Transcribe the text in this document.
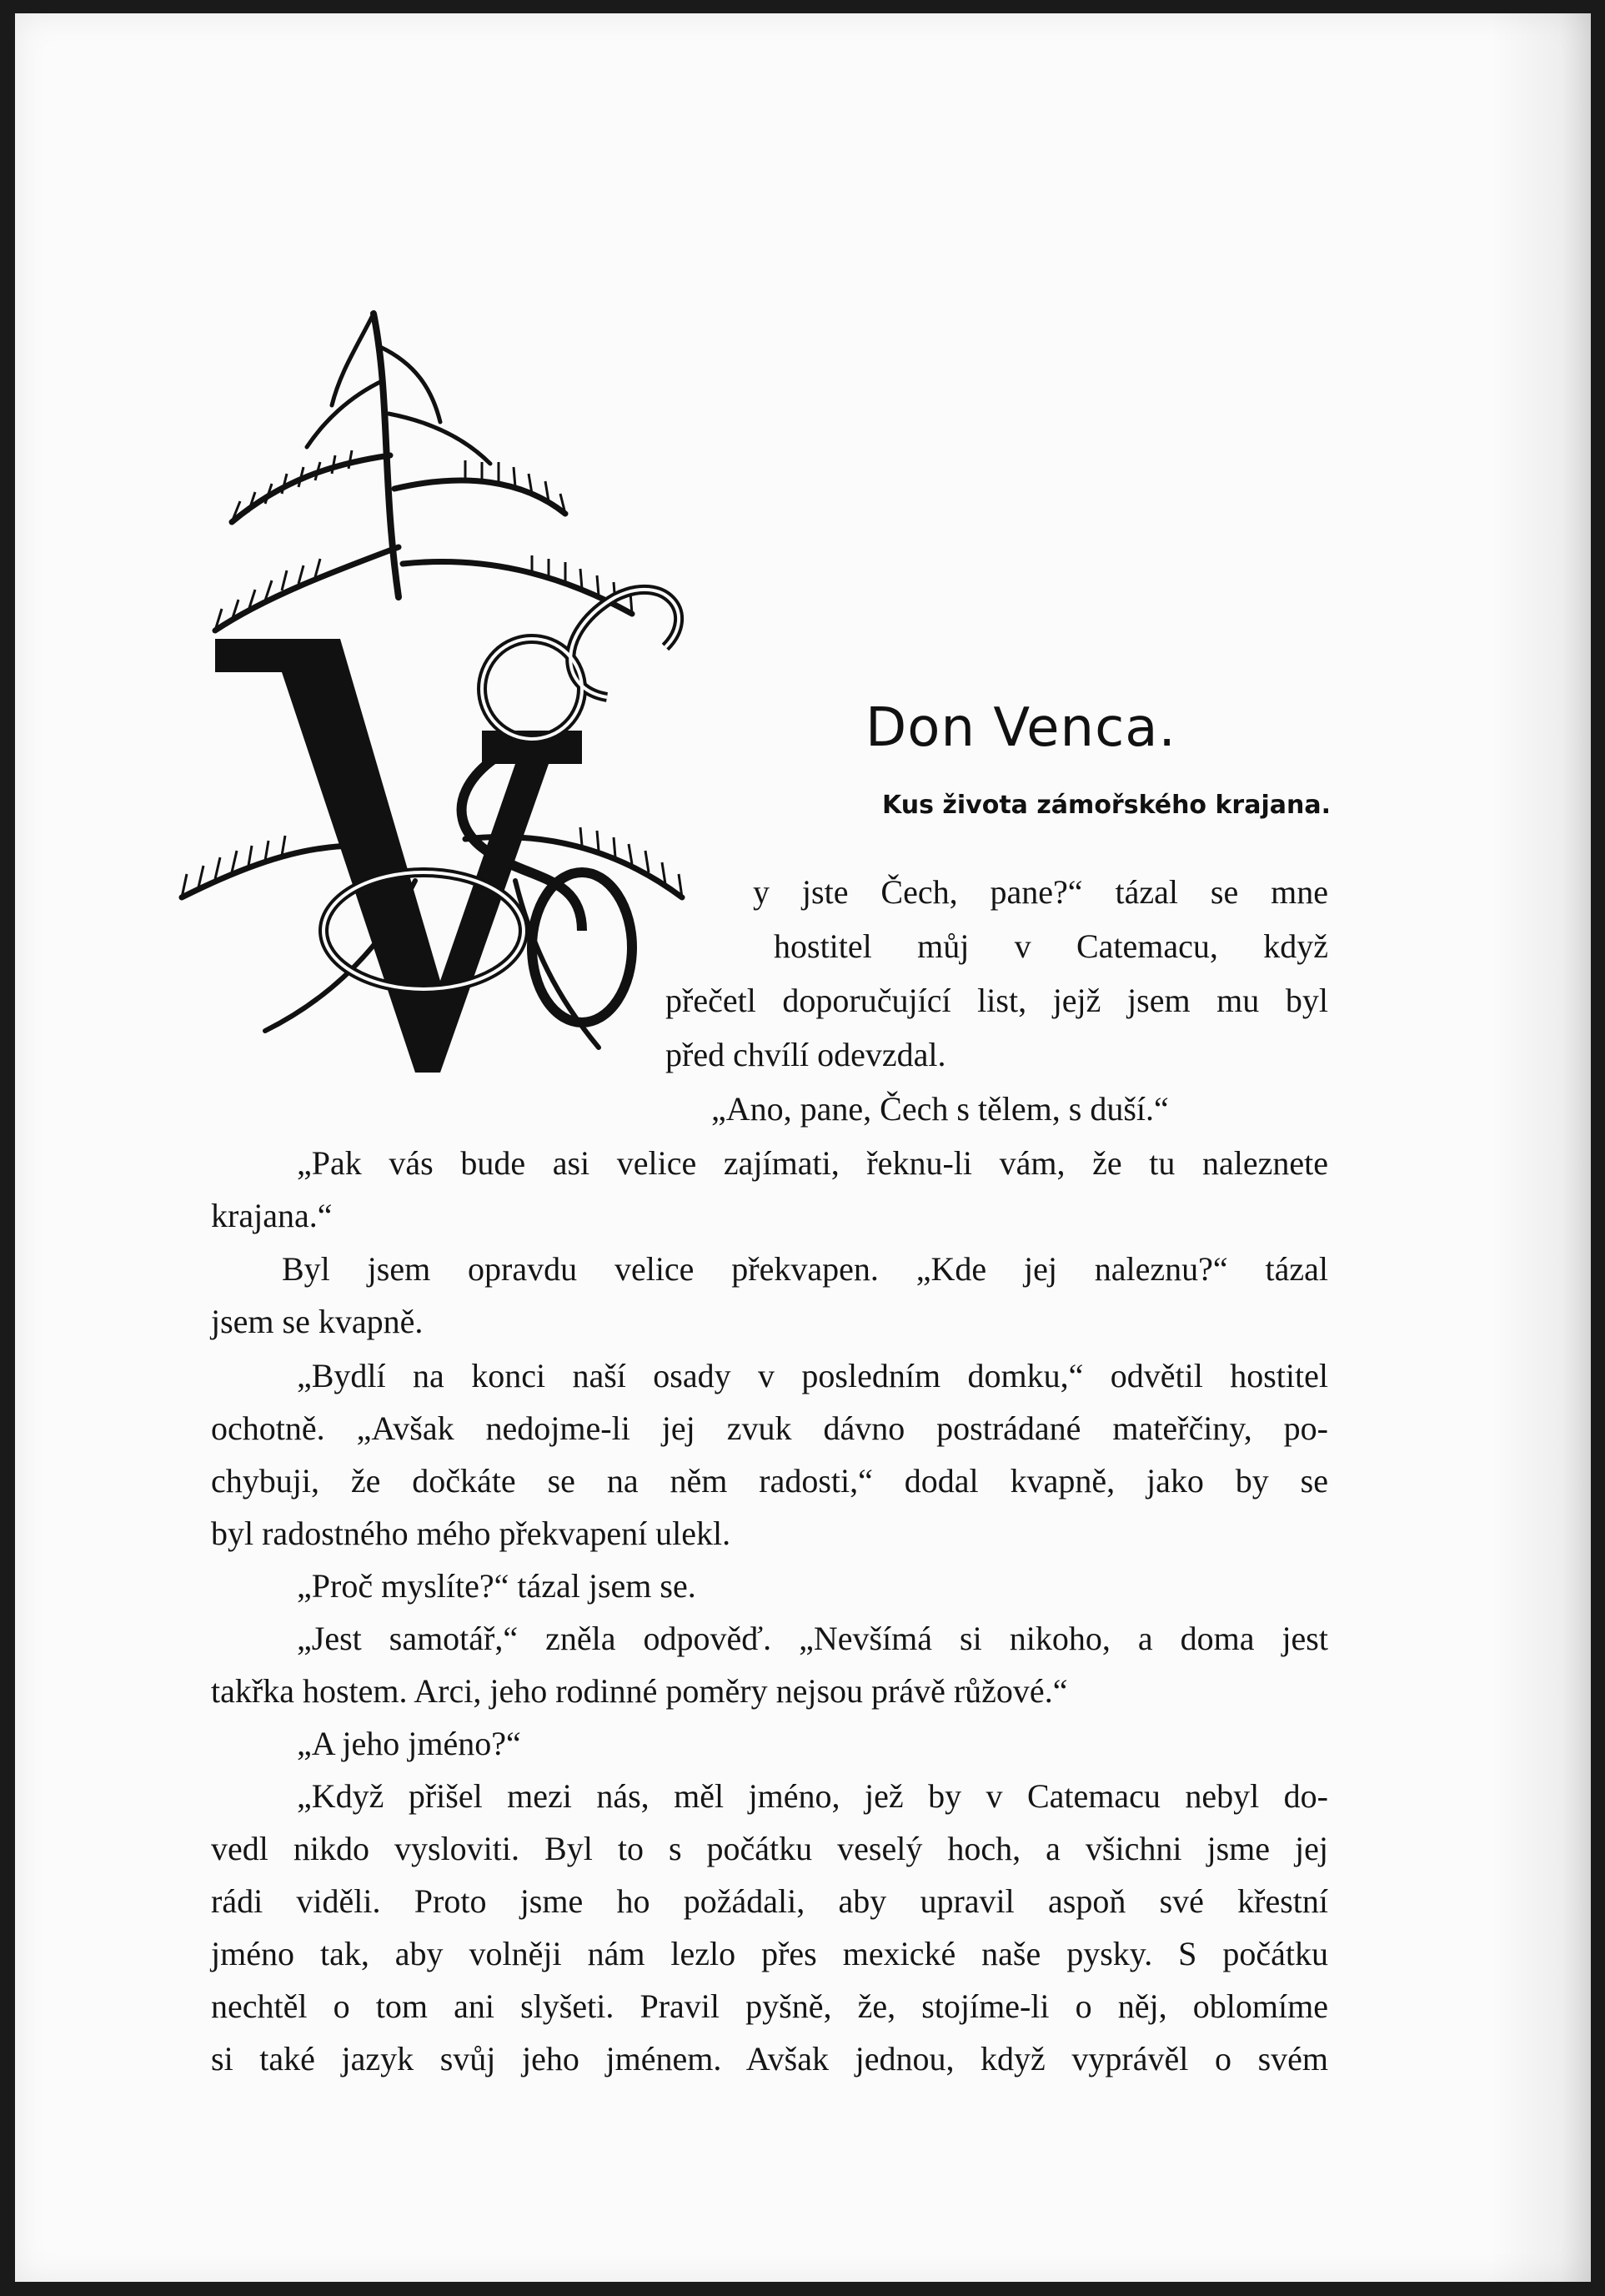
Don Venca.
Kus života zámořského krajana.
y jste Čech, pane?“ tázal se mne
hostitel můj v Catemacu, když
přečetl doporučující list, jejž jsem mu byl
před chvílí odevzdal.
„Ano, pane, Čech s tělem, s duší.“
„Pak vás bude asi velice zajímati, řeknu-li vám, že tu naleznete
krajana.“
Byl jsem opravdu velice překvapen. „Kde jej naleznu?“ tázal
jsem se kvapně.
„Bydlí na konci naší osady v posledním domku,“ odvětil hostitel
ochotně. „Avšak nedojme-li jej zvuk dávno postrádané mateřčiny, po-
chybuji, že dočkáte se na něm radosti,“ dodal kvapně, jako by se
byl radostného mého překvapení ulekl.
„Proč myslíte?“ tázal jsem se.
„Jest samotář,“ zněla odpověď. „Nevšímá si nikoho, a doma jest
takřka hostem. Arci, jeho rodinné poměry nejsou právě růžové.“
„A jeho jméno?“
„Když přišel mezi nás, měl jméno, jež by v Catemacu nebyl do-
vedl nikdo vysloviti. Byl to s počátku veselý hoch, a všichni jsme jej
rádi viděli. Proto jsme ho požádali, aby upravil aspoň své křestní
jméno tak, aby volněji nám lezlo přes mexické naše pysky. S počátku
nechtěl o tom ani slyšeti. Pravil pyšně, že, stojíme-li o něj, oblomíme
si také jazyk svůj jeho jménem. Avšak jednou, když vyprávěl o svém
